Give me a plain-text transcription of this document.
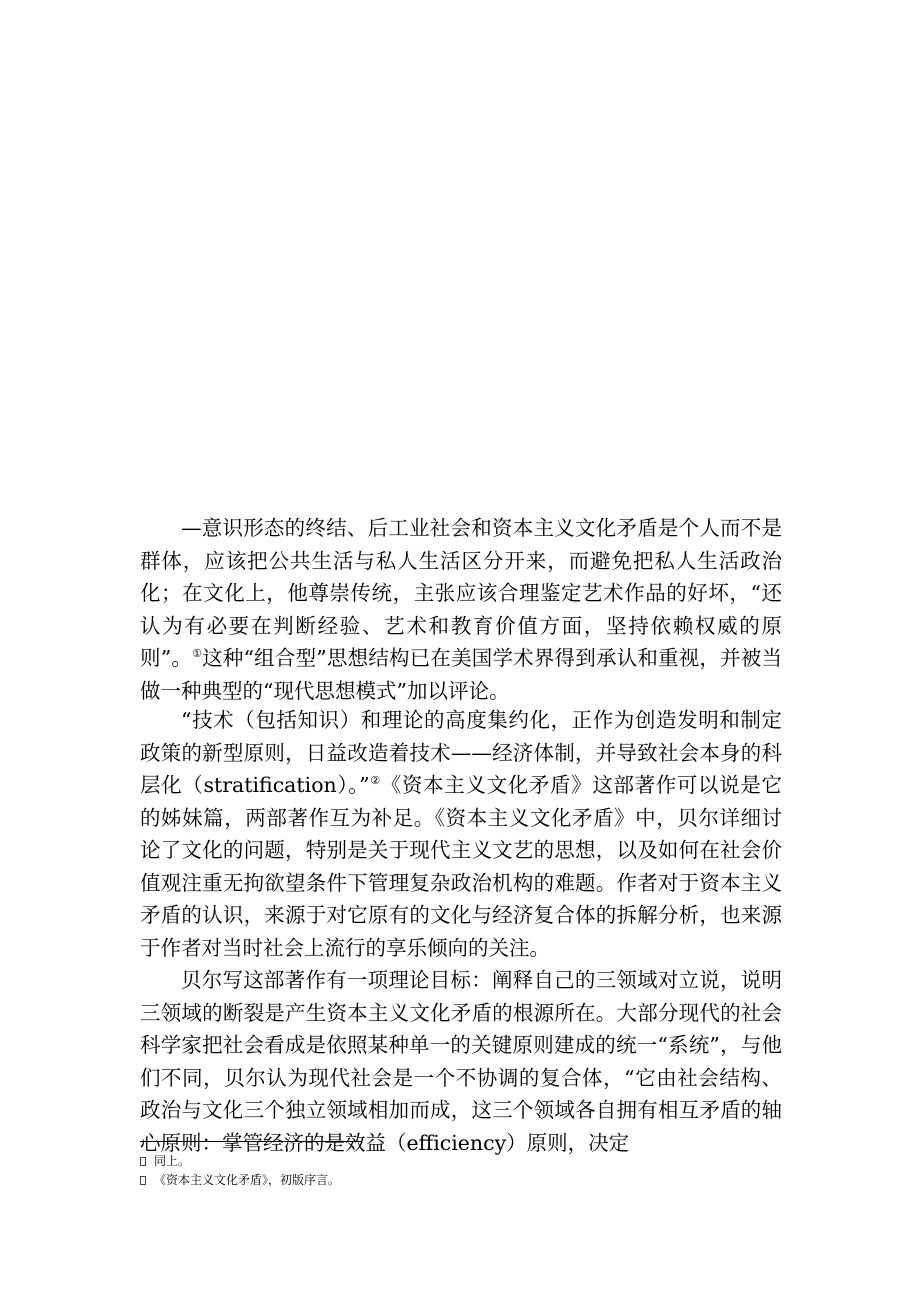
—意识形态的终结、后工业社会和资本主义文化矛盾是个人而不是群体，应该把公共生活与私人生活区分开来，而避免把私人生活政治化；在文化上，他尊崇传统，主张应该合理鉴定艺术作品的好坏，“还认为有必要在判断经验、艺术和教育价值方面，坚持依赖权威的原则”。①这种“组合型”思想结构已在美国学术界得到承认和重视，并被当做一种典型的“现代思想模式”加以评论。

“技术（包括知识）和理论的高度集约化，正作为创造发明和制定政策的新型原则，日益改造着技术——经济体制，并导致社会本身的科层化（stratification）。”②《资本主义文化矛盾》这部著作可以说是它的姊妹篇，两部著作互为补足。《资本主义文化矛盾》中，贝尔详细讨论了文化的问题，特别是关于现代主义文艺的思想，以及如何在社会价值观注重无拘欲望条件下管理复杂政治机构的难题。作者对于资本主义矛盾的认识，来源于对它原有的文化与经济复合体的拆解分析，也来源于作者对当时社会上流行的享乐倾向的关注。

贝尔写这部著作有一项理论目标：阐释自己的三领域对立说，说明三领域的断裂是产生资本主义文化矛盾的根源所在。大部分现代的社会科学家把社会看成是依照某种单一的关键原则建成的统一“系统”，与他们不同，贝尔认为现代社会是一个不协调的复合体，“它由社会结构、政治与文化三个独立领域相加而成，这三个领域各自拥有相互矛盾的轴心原则：掌管经济的是效益（efficiency）原则，决定

同上。
《资本主义文化矛盾》，初版序言。
